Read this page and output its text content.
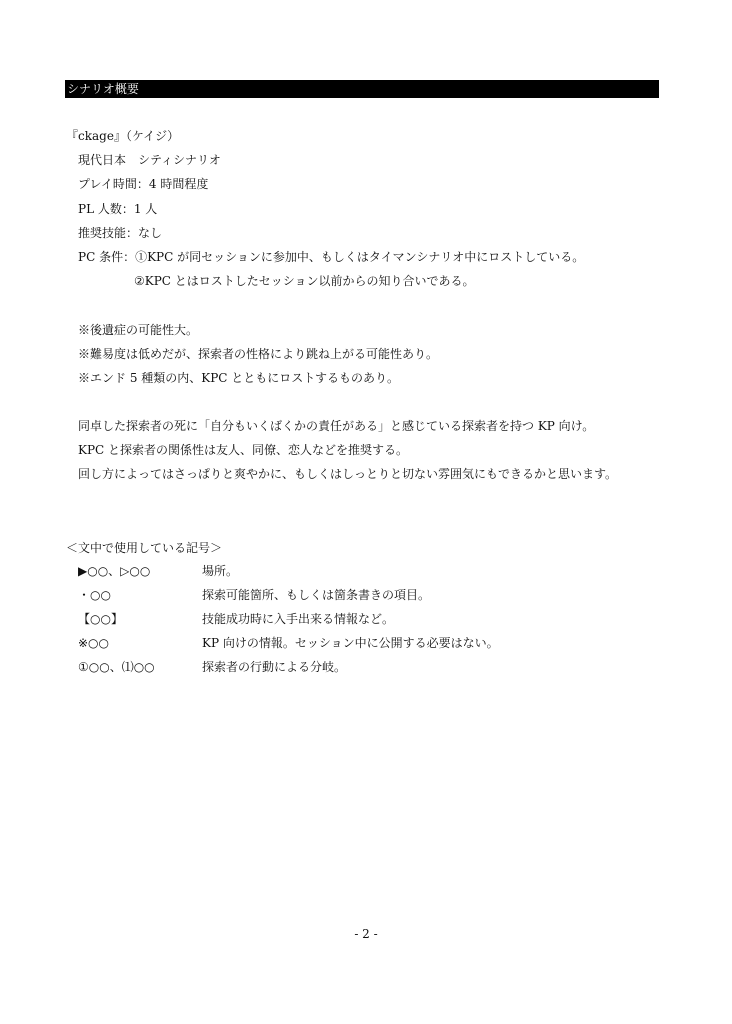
シナリオ概要
『ckage』（ケイジ）
現代日本　シティシナリオ
プレイ時間：4 時間程度
PL 人数：1 人
推奨技能：なし
PC 条件：①KPC が同セッションに参加中、もしくはタイマンシナリオ中にロストしている。
②KPC とはロストしたセッション以前からの知り合いである。
※後遺症の可能性大。
※難易度は低めだが、探索者の性格により跳ね上がる可能性あり。
※エンド 5 種類の内、KPC とともにロストするものあり。
同卓した探索者の死に「自分もいくばくかの責任がある」と感じている探索者を持つ KP 向け。
KPC と探索者の関係性は友人、同僚、恋人などを推奨する。
回し方によってはさっぱりと爽やかに、もしくはしっとりと切ない雰囲気にもできるかと思います。
＜文中で使用している記号＞
▶○○、▷○○	場所。
・○○	探索可能箇所、もしくは箇条書きの項目。
【○○】	技能成功時に入手出来る情報など。
※○○	KP 向けの情報。セッション中に公開する必要はない。
①○○、⑴○○	探索者の行動による分岐。
- 2 -
